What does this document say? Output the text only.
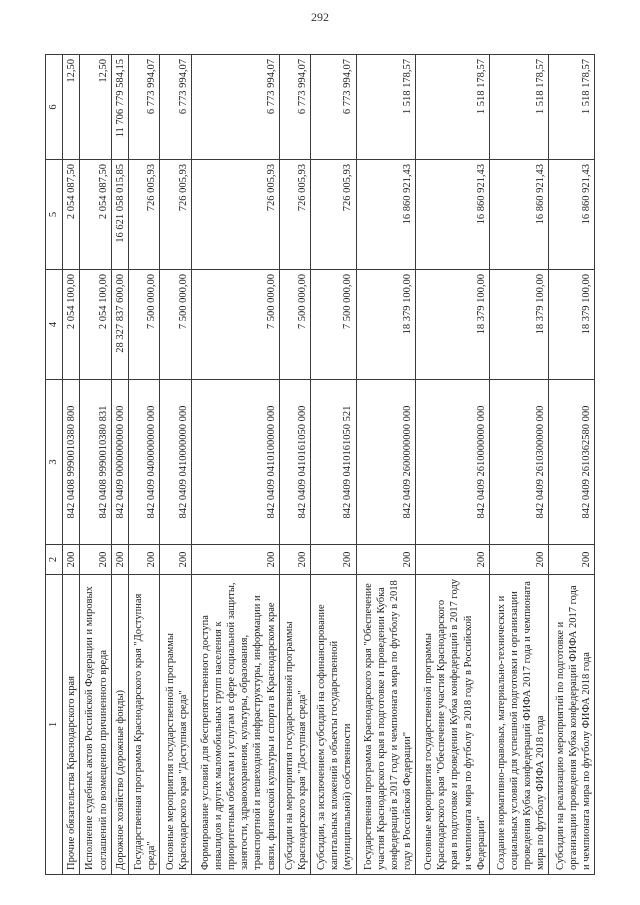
292
1	2	3	4	5	6
Прочие обязательства Краснодарского края	200	842 0408 9990010380 800	2 054 100,00	2 054 087,50	12,50
Исполнение судебных актов Российской Федерации и мировых соглашений по возмещению причиненного вреда	200	842 0408 9990010380 831	2 054 100,00	2 054 087,50	12,50
Дорожное хозяйство (дорожные фонды)	200	842 0409 0000000000 000	28 327 837 600,00	16 621 058 015,85	11 706 779 584,15
Государственная программа Краснодарского края "Доступная среда"	200	842 0409 0400000000 000	7 500 000,00	726 005,93	6 773 994,07
Основные мероприятия государственной программы Краснодарского края "Доступная среда"	200	842 0409 0410000000 000	7 500 000,00	726 005,93	6 773 994,07
Формирование условий для беспрепятственного доступа инвалидов и других маломобильных групп населения к приоритетным объектам и услугам в сфере социальной защиты, занятости, здравоохранения, культуры, образования, транспортной и пешеходной инфраструктуры, информации и связи, физической культуры и спорта в Краснодарском крае	200	842 0409 0410100000 000	7 500 000,00	726 005,93	6 773 994,07
Субсидии на мероприятия государственной программы Краснодарского края "Доступная среда"	200	842 0409 0410161050 000	7 500 000,00	726 005,93	6 773 994,07
Субсидии, за исключением субсидий на софинансирование капитальных вложений в объекты государственной (муниципальной) собственности	200	842 0409 0410161050 521	7 500 000,00	726 005,93	6 773 994,07
Государственная программа Краснодарского края "Обеспечение участия Краснодарского края в подготовке и проведении Кубка конфедераций в 2017 году и чемпионата мира по футболу в 2018 году в Российской Федерации"	200	842 0409 2600000000 000	18 379 100,00	16 860 921,43	1 518 178,57
Основные мероприятия государственной программы Краснодарского края "Обеспечение участия Краснодарского края в подготовке и проведении Кубка конфедераций в 2017 году и чемпионата мира по футболу в 2018 году в Российской Федерации"	200	842 0409 2610000000 000	18 379 100,00	16 860 921,43	1 518 178,57
Создание нормативно-правовых, материально-технических и социальных условий для успешной подготовки и организации проведения Кубка конфедераций ФИФА 2017 года и чемпионата мира по футболу ФИФА 2018 года	200	842 0409 2610300000 000	18 379 100,00	16 860 921,43	1 518 178,57
Субсидии на реализацию мероприятий по подготовке и организации проведения Кубка конфедераций ФИФА 2017 года и чемпионата мира по футболу ФИФА 2018 года	200	842 0409 2610362580 000	18 379 100,00	16 860 921,43	1 518 178,57
